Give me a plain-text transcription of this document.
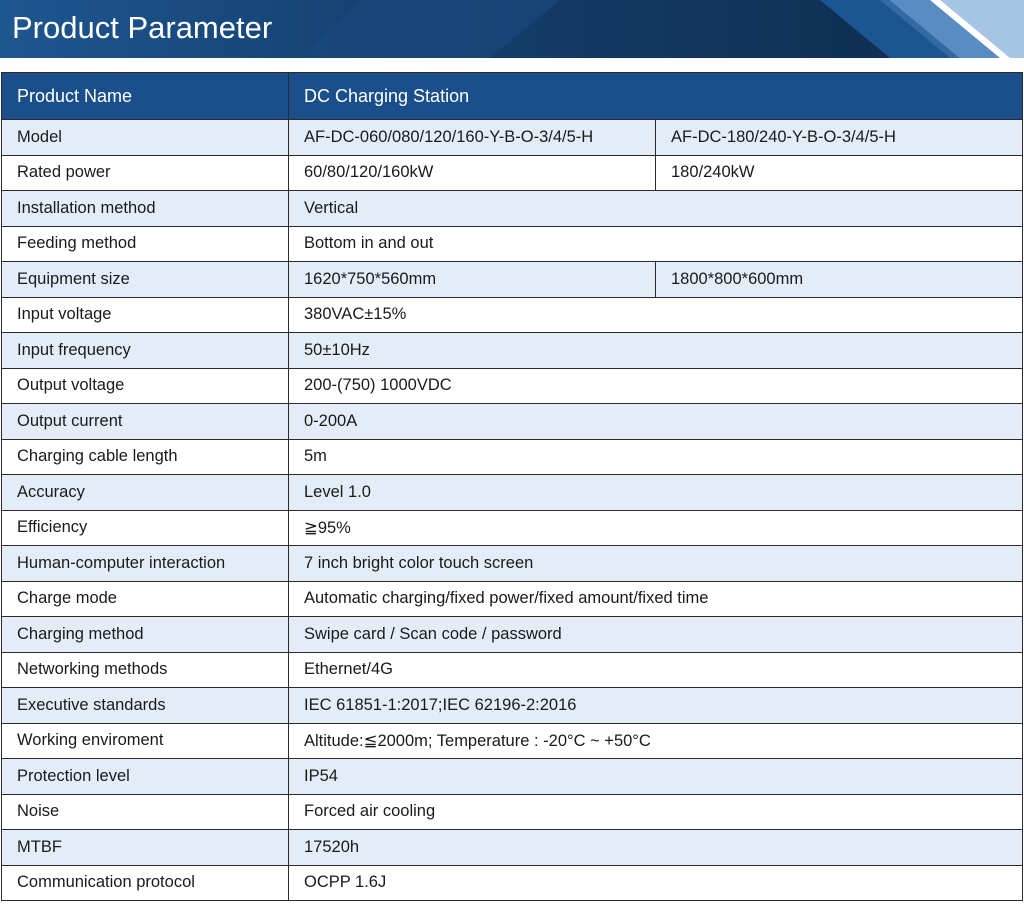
Product Parameter
Product Name	DC Charging Station	
Model	AF-DC-060/080/120/160-Y-B-O-3/4/5-H	AF-DC-180/240-Y-B-O-3/4/5-H
Rated power	60/80/120/160kW	180/240kW
Installation method	Vertical	
Feeding method	Bottom in and out	
Equipment size	1620*750*560mm	1800*800*600mm
Input voltage	380VAC±15%	
Input frequency	50±10Hz	
Output voltage	200-(750) 1000VDC	
Output current	0-200A	
Charging cable length	5m	
Accuracy	Level 1.0	
Efficiency	≧95%	
Human-computer interaction	7 inch bright color touch screen	
Charge mode	Automatic charging/fixed power/fixed amount/fixed time	
Charging method	Swipe card / Scan code / password	
Networking methods	Ethernet/4G	
Executive standards	IEC 61851-1:2017;IEC 62196-2:2016	
Working enviroment	Altitude:≦2000m; Temperature : -20°C ~ +50°C	
Protection level	IP54	
Noise	Forced air cooling	
MTBF	17520h	
Communication protocol	OCPP 1.6J	
